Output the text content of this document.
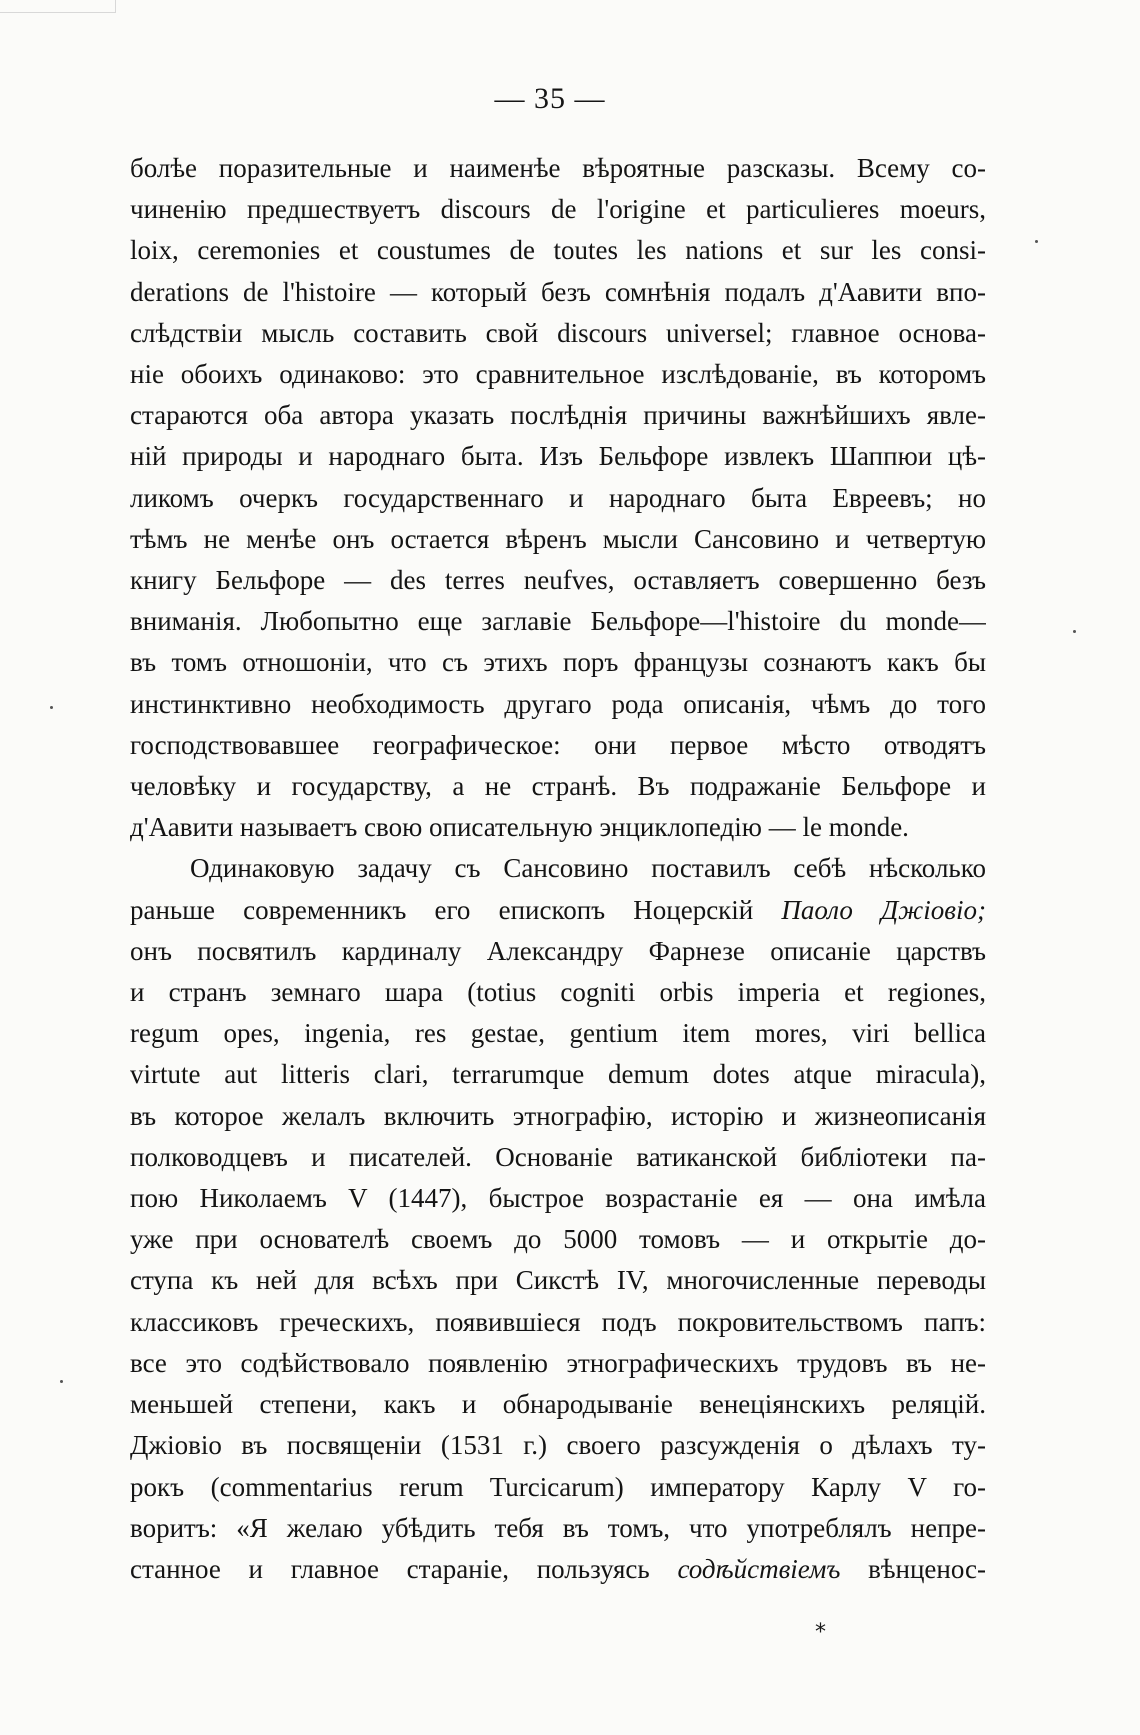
— 35 —
болѣе поразительные и наименѣе вѣроятные разсказы. Всему со-
чиненію предшествуетъ discours de l'origine et particulieres moeurs,
loix, ceremonies et coustumes de toutes les nations et sur les consi-
derations de l'histoire — который безъ сомнѣнія подалъ д'Аавити впо-
слѣдствіи мысль составить свой discours universel; главное основа-
ніе обоихъ одинаково: это сравнительное изслѣдованіе, въ которомъ
стараются оба автора указать послѣднія причины важнѣйшихъ явле-
ній природы и народнаго быта. Изъ Бельфоре извлекъ Шаппюи цѣ-
ликомъ очеркъ государственнаго и народнаго быта Евреевъ; но
тѣмъ не менѣе онъ остается вѣренъ мысли Сансовино и четвертую
книгу Бельфоре — des terres neufves, оставляетъ совершенно безъ
вниманія. Любопытно еще заглавіе Бельфоре—l'histoire du monde—
въ томъ отношоніи, что съ этихъ поръ французы сознаютъ какъ бы
инстинктивно необходимость другаго рода описанія, чѣмъ до того
господствовавшее географическое: они первое мѣсто отводятъ
человѣку и государству, а не странѣ. Въ подражаніе Бельфоре и
д'Аавити называетъ свою описательную энциклопедію — le monde.
Одинаковую задачу съ Сансовино поставилъ себѣ нѣсколько
раньше современникъ его епископъ Ноцерскій Паоло Джіовіо;
онъ посвятилъ кардиналу Александру Фарнезе описаніе царствъ
и странъ земнаго шара (totius cogniti orbis imperia et regiones,
regum opes, ingenia, res gestae, gentium item mores, viri bellica
virtute aut litteris clari, terrarumque demum dotes atque miracula),
въ которое желалъ включить этнографію, исторію и жизнеописанія
полководцевъ и писателей. Основаніе ватиканской библіотеки па-
пою Николаемъ V (1447), быстрое возрастаніе ея — она имѣла
уже при основателѣ своемъ до 5000 томовъ — и открытіе до-
ступа къ ней для всѣхъ при Сикстѣ IV, многочисленные переводы
классиковъ греческихъ, появившіеся подъ покровительствомъ папъ:
все это содѣйствовало появленію этнографическихъ трудовъ въ не-
меньшей степени, какъ и обнародываніе венеціянскихъ реляцій.
Джіовіо въ посвященіи (1531 г.) своего разсужденія о дѣлахъ ту-
рокъ (commentarius rerum Turcicarum) императору Карлу V го-
воритъ: «Я желаю убѣдить тебя въ томъ, что употреблялъ непре-
станное и главное стараніе, пользуясь содѣйствіемъ вѣнценос-
*
